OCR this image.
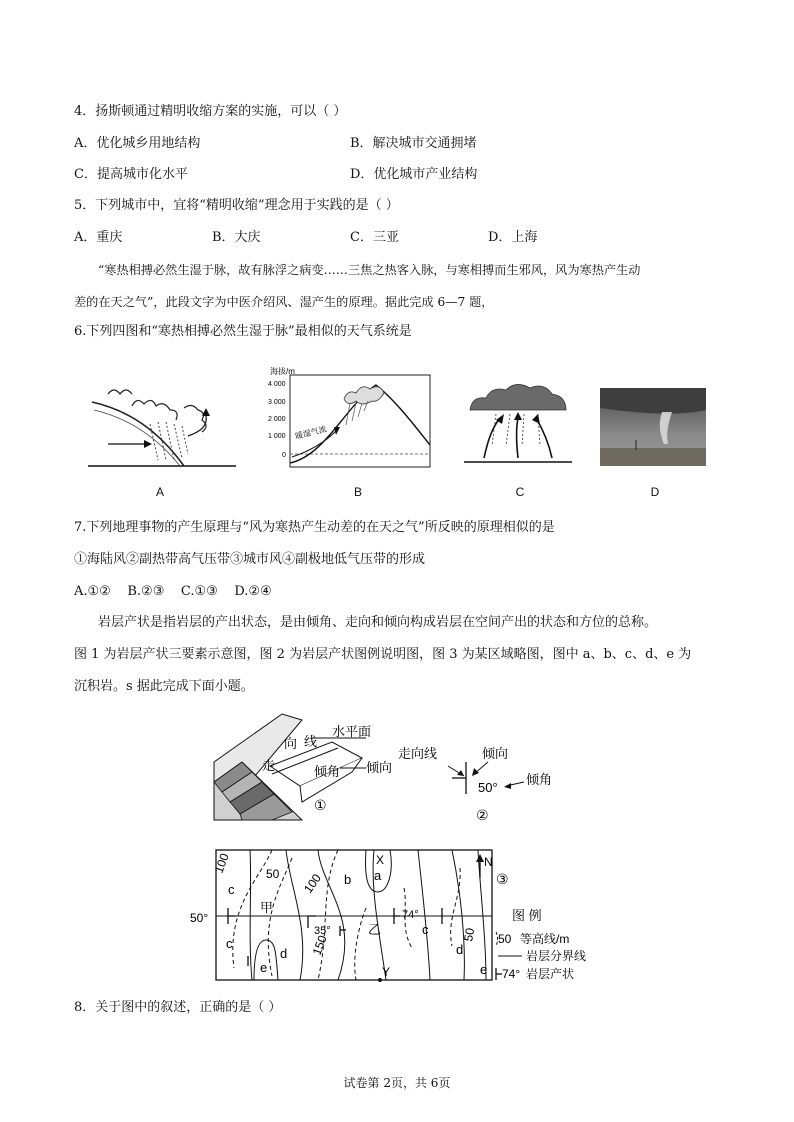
4．扬斯顿通过精明收缩方案的实施，可以（ ）
A．优化城乡用地结构	B．解决城市交通拥堵
C．提高城市化水平	D．优化城市产业结构
5．下列城市中，宜将“精明收缩”理念用于实践的是（ ）
A．重庆	B．大庆	C．三亚	D．上海
“寒热相搏必然生湿于脉，故有脉浮之病变……三焦之热客入脉，与寒相搏而生邪风，风为寒热产生动
差的在天之气”，此段文字为中医介绍风、湿产生的原理。据此完成 6—7 题，
6.下列四图和“寒热相搏必然生湿于脉”最相似的天气系统是
A
海拔/m
4 000
3 000
2 000
1 000
0
暖湿气流
B	C	D
7.下列地理事物的产生原理与“风为寒热产生动差的在天之气”所反映的原理相似的是
①海陆风②副热带高气压带③城市风④副极地低气压带的形成
A.①②    B.②③    C.①③    D.②④
岩层产状是指岩层的产出状态，是由倾角、走向和倾向构成岩层在空间产出的状态和方位的总称。
图 1 为岩层产状三要素示意图，图 2 为岩层产状图例说明图，图 3 为某区域略图，图中 a、b、c、d、e 为
沉积岩。s 据此完成下面小题。
水平面
向 线
走	倾角 倾向
①
走向线	倾向
50°
倾角
②
100	50 100
150	50
c
c
b a
d
e
c
d
e
甲
乙
X
Y
35°
74°
50°
N
③
图 例
50 等高线/m
岩层分界线
74° 岩层产状
8．关于图中的叙述，正确的是（ ）
试卷第 2页，共 6页
